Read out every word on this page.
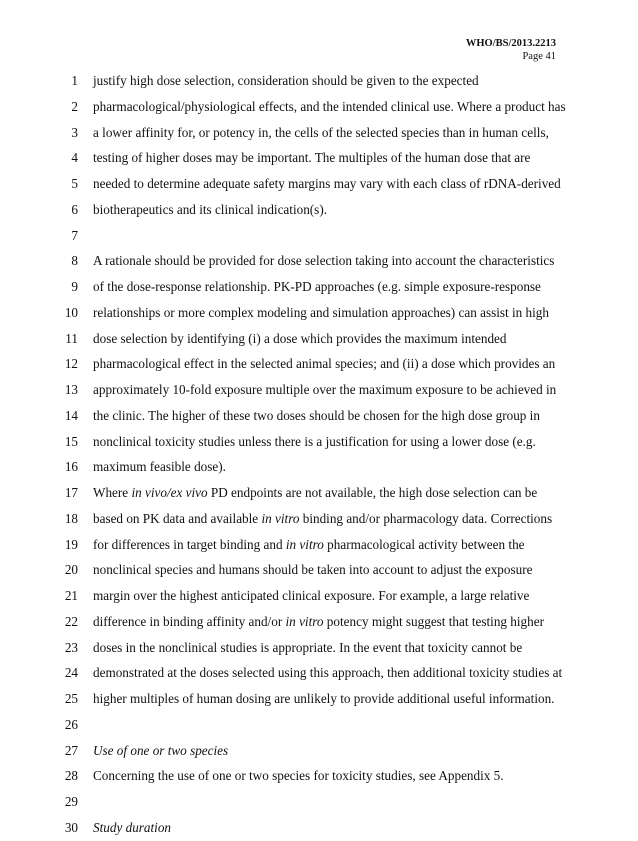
WHO/BS/2013.2213
Page 41
1 justify high dose selection, consideration should be given to the expected
2 pharmacological/physiological effects, and the intended clinical use. Where a product has
3 a lower affinity for, or potency in, the cells of the selected species than in human cells,
4 testing of higher doses may be important. The multiples of the human dose that are
5 needed to determine adequate safety margins may vary with each class of rDNA-derived
6 biotherapeutics and its clinical indication(s).
7
8 A rationale should be provided for dose selection taking into account the characteristics
9 of the dose-response relationship. PK-PD approaches (e.g. simple exposure-response
10 relationships or more complex modeling and simulation approaches) can assist in high
11 dose selection by identifying (i) a dose which provides the maximum intended
12 pharmacological effect in the selected animal species; and (ii) a dose which provides an
13 approximately 10-fold exposure multiple over the maximum exposure to be achieved in
14 the clinic. The higher of these two doses should be chosen for the high dose group in
15 nonclinical toxicity studies unless there is a justification for using a lower dose (e.g.
16 maximum feasible dose).
17 Where in vivo/ex vivo PD endpoints are not available, the high dose selection can be
18 based on PK data and available in vitro binding and/or pharmacology data. Corrections
19 for differences in target binding and in vitro pharmacological activity between the
20 nonclinical species and humans should be taken into account to adjust the exposure
21 margin over the highest anticipated clinical exposure. For example, a large relative
22 difference in binding affinity and/or in vitro potency might suggest that testing higher
23 doses in the nonclinical studies is appropriate. In the event that toxicity cannot be
24 demonstrated at the doses selected using this approach, then additional toxicity studies at
25 higher multiples of human dosing are unlikely to provide additional useful information.
26
27 Use of one or two species
28 Concerning the use of one or two species for toxicity studies, see Appendix 5.
29
30 Study duration
